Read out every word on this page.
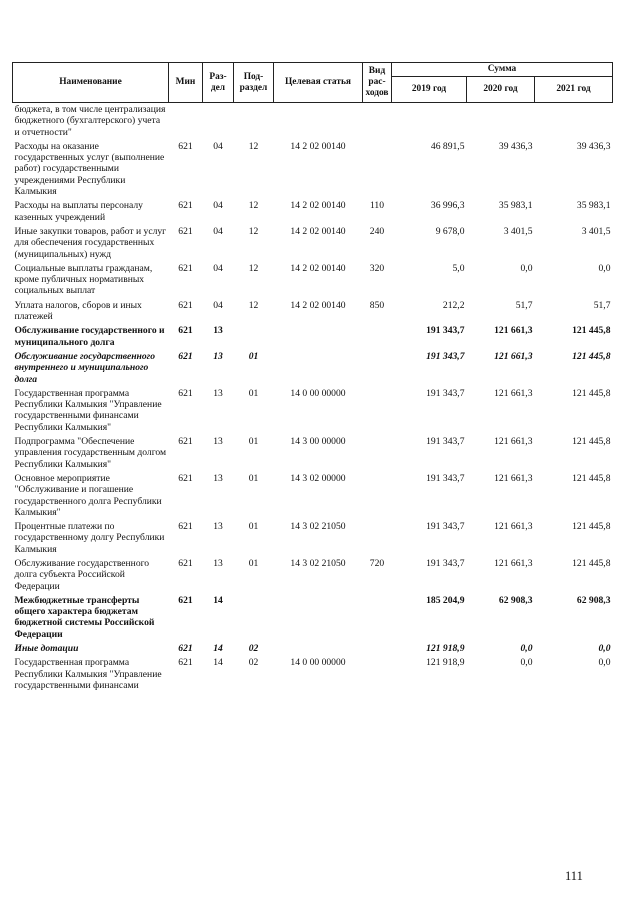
Наименование	Мин	Раз-дел	Под-раздел	Целевая статья	Вид рас-ходов	Сумма		
						2019 год	2020 год	2021 год
бюджета, в том числе централизация бюджетного (бухгалтерского) учета и отчетности"								
Расходы на оказание государственных услуг (выполнение работ) государственными учреждениями Республики Калмыкия	621	04	12	14 2 02 00140		46 891,5	39 436,3	39 436,3
Расходы на выплаты персоналу казенных учреждений	621	04	12	14 2 02 00140	110	36 996,3	35 983,1	35 983,1
Иные закупки товаров, работ и услуг для обеспечения государственных (муниципальных) нужд	621	04	12	14 2 02 00140	240	9 678,0	3 401,5	3 401,5
Социальные выплаты гражданам, кроме публичных нормативных социальных выплат	621	04	12	14 2 02 00140	320	5,0	0,0	0,0
Уплата налогов, сборов и иных платежей	621	04	12	14 2 02 00140	850	212,2	51,7	51,7
Обслуживание государственного и муниципального долга	621	13				191 343,7	121 661,3	121 445,8
Обслуживание государственного внутреннего и муниципального долга	621	13	01			191 343,7	121 661,3	121 445,8
Государственная программа Республики Калмыкия "Управление государственными финансами Республики Калмыкия"	621	13	01	14 0 00 00000		191 343,7	121 661,3	121 445,8
Подпрограмма "Обеспечение управления государственным долгом Республики Калмыкия"	621	13	01	14 3 00 00000		191 343,7	121 661,3	121 445,8
Основное мероприятие "Обслуживание и погашение государственного долга Республики Калмыкия"	621	13	01	14 3 02 00000		191 343,7	121 661,3	121 445,8
Процентные платежи по государственному долгу Республики Калмыкия	621	13	01	14 3 02 21050		191 343,7	121 661,3	121 445,8
Обслуживание государственного долга субъекта Российской Федерации	621	13	01	14 3 02 21050	720	191 343,7	121 661,3	121 445,8
Межбюджетные трансферты общего характера бюджетам бюджетной системы Российской Федерации	621	14				185 204,9	62 908,3	62 908,3
Иные дотации	621	14	02			121 918,9	0,0	0,0
Государственная программа Республики Калмыкия "Управление государственными финансами	621	14	02	14 0 00 00000		121 918,9	0,0	0,0
111
